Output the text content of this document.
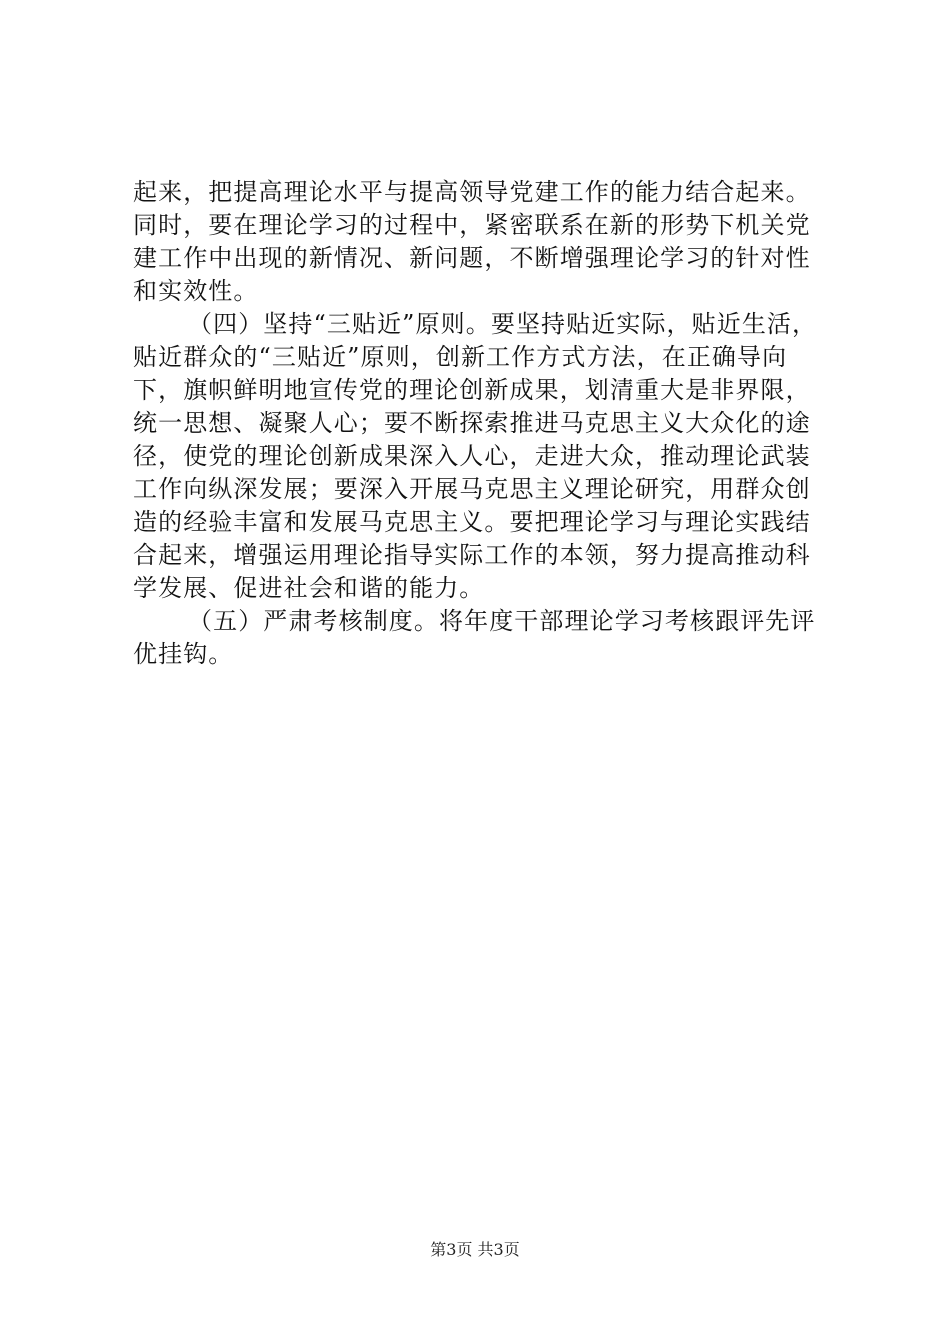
起来，把提高理论水平与提高领导党建工作的能力结合起来。
同时，要在理论学习的过程中，紧密联系在新的形势下机关党
建工作中出现的新情况、新问题，不断增强理论学习的针对性
和实效性。
（四）坚持“三贴近”原则。要坚持贴近实际，贴近生活，
贴近群众的“三贴近”原则，创新工作方式方法，在正确导向
下，旗帜鲜明地宣传党的理论创新成果，划清重大是非界限，
统一思想、凝聚人心；要不断探索推进马克思主义大众化的途
径，使党的理论创新成果深入人心，走进大众，推动理论武装
工作向纵深发展；要深入开展马克思主义理论研究，用群众创
造的经验丰富和发展马克思主义。要把理论学习与理论实践结
合起来，增强运用理论指导实际工作的本领，努力提高推动科
学发展、促进社会和谐的能力。
（五）严肃考核制度。将年度干部理论学习考核跟评先评
优挂钩。
第3页 共3页
